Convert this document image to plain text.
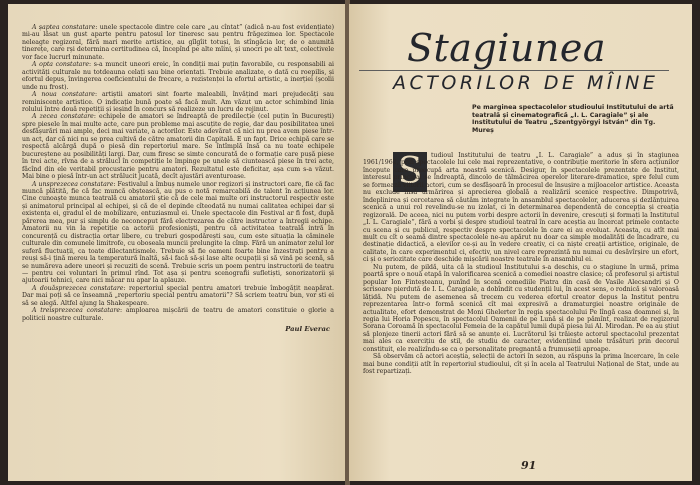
A șaptea constatare: unele spectacole dintre cele care „au cîntat” (adică n-au fost evidențiate) mi-au lăsat un gust aparte pentru patosul lor tineresc sau pentru frăgezimea lor. Spectacole neleagte regizoral, fără mari merite artistice, au gîlgîit totuși, în stîngăcia lor, de o anumită tinerețe, care rși determina certitudinea că, începînd pe alte mîini, și unocri pe alt text, colectivele vor face lucrurl minunate.

A opta constatare: s-a muncit uneori ereic, în condiții mai puțin favorabile, cu responsabili ai activități culturale nu totdeauna celați sau bine orientați. Trebuie analizate, o dată cu roepilis, și efortul depus, învingerea coeficientului de frecare, a rezistenței la efortul artistic, a inerției (școlii unde nu frost).

A noua constatare: artiștii amatori sint foarte maleabili, învățind mari prejudecăți sau reminiscențe artistice. O indicație bună poate să facă mult. Am văzut un actor schimbind linia rolului între două repetiții și ieșind în concurs să realizeze un lucru de rejinut.

A zecea constatare: echipele de amatori se îndreaptă de predilecție (cel puțin în București) spre piesele în mai multe acte, care pun probleme mai ascuțite de regie, dar dau posibilitatea unei desfășurări mai ample, deci mai variate, a actorilor. Este adevărat că nici nu prea avem piese într-un act, dar că nici nu se prea cultivă de către amatorii din Capitală. E un fapt. Drice echipă care se respectă alcărgă după o piesă din repertoriul mare. Se întîmplă însă ca nu toate echipele bucureștene au posibilități largi. Dar, cum firesc se simte concurată de o formație care pușă piese în trei acte, rîvna de a strălucl în competiție le împinge pe unele să ciuntească piese în trei acte, făcînd din ele veritabil procustarie pentru amatori. Rezultatul este deficitar, așa cum s-a văzut. Mai bine o piesă într-un act strălucit jucată, decît ajustări aventuroase.

A unsprezecea constatare: Festivalul a îmbuș numele unor regizori și instructori care, fie că fac muncă plătită, fie că fac muncă obștească, au pus o notă remarcabilă de talent în acțiunea lor. Cine cunoaște munca teatrală cu amatorii știe că de cele mai multe ori instructorul respectiv este și animatorul principal al echipei, și că de el depinde cîteodată nu numai calitatea echipei dar și existența ei, gradul el de mobilizare, entuziasmul ei. Unele spectacole din Festival ar fi fost, după părerea mea, pur și simplu de neconceput fără electrezarea de către instructor a întregii echipe. Amatorii nu vin la repetiție ca actorii profesioniști, pentru că activitatea teatrală intră în concurență cu distracția ortar libere, cu treburi gospodărești sau, cum este situația la căminele culturale din comunele limitrofe, cu oboseala muncii prelungite la cîmp. Fără un animator zelul lor suferă fluctuații, ca toate dilectantismele. Trebuie să fie oameni foarte bine înzestrați pentru a reuși să-i țină mereu la temperatură înaltă, să-i facă să-și lase alte ocupații și să vină pe scenă, să se număreva adere uneori și recuziti de scenă. Trebuie scris un poem pentru instructorii de teatru — pentru cei voluntari în primul rînd. Tot așa și pentru scenografii sufletiști, sonorizatorii și ajutoarii tehnici, care nici măcar nu apar la aplauze.

A douăsprezecea constatare: repertoriul special pentru amatori trebuie îmbogățit neapărat. Dar mai poți să ce înseamnă „repertoriu special pentru amatorii”? Să scriem teatru bun, vor sti ei să se alegă. Altfel ajung la Shakespeare.

A treisprezecea constatare: amploarea mișcării de teatru de amatori constituie o glorie a politicii noastre culturale.

Paul Everac
Stagiunea
ACTORILOR DE MÎINE
Pe marginea spectacolelor studioului Institutului de artă teatrală și cinematografică „I. L. Caragiale” și ale Institutului de Teatru „Szentgyörgyi István” din Tg. Mureș
S	tudioul Institutului de teatru „I. L. Caragiale” a adus și în stagiunea 1961/1962, prin spectacolele lui cele mai reprezentative, o contribuție meritorie în sfera acțiunilor începute care preocupă arta noastră scenică. Desigur, în spectacolele prezentate de Institut, interesul principal se îndreaptă, dincolo de tălmăcirea operelor literare-dramatice, spre felul cum se formează viitorii actori, cum se desfășoară în procesul de însușire a mijloacelor artistice. Aceasta nu exclude însă urmărirea și aprecierea globală a realizării scenice respective. Dimpotrivă, îndeplinirea și cercetarea să căutăm integrate în ansamblul spectacolelor, aducerea și dezlănțuirea scenică a unui rol revelindu-se nu izolat, ci în determinarea dependentă de concepția și creația regizorală. De aceea, nici nu putem vorbi despre actorii în devenire, crescuți și formați la Institutul „I. L. Caragiale”, fără a vorbi și despre studioul teatral în care aceștia au încercat primele contacte cu scena și cu publicul, respectiv despre spectacolele în care ei au evoluat. Aceasta, cu atît mai mult cu cît o seamă dintre spectacolele ne-au apărut nu doar ca simple modalități de încadrare, cu destinație didactică, a elevilor ce-și au în vedere creativ, ci ca niște creații artistice, originale, de calitate, în care experimentul ci, efectiv, un nivel care reprezintă nu numai cu desăvîrșire un efort, ci și o seriozitate care deschide mișcării noastre teatrale în ansamblul ei.

Nu putem, de pildă, uita că la studioul Institutului s-a deschis, cu o stagiune în urmă, prima poartă spre o nouă etapă în valorificarea scenică a comediei noastre clasice; că profesorul și artistul popular Ion Finteșteanu, punînd în scenă comediile Piatra din casă de Vasile Alecsandri și O scrisoare pierdută de I. L. Caragiale, a dobîndit cu studenții lui, în acest sens, o rodnică și valoroasă lățidă. Nu putem de asemenea să trecem cu vederea efortul creator depus la Institut pentru reprezentarea într-o formă scenică cît mai expresivă a dramaturgiei noastre originale de actualitate, efort demonstrat de Moni Ghelerter în regia spectacolului Pe lîngă casa doamnei și, în regia lui Horia Popescu, în spectacolul Oamenii de pe Lună și de pe pămînt, realizat de regizorul Sorana Coroamă în spectacolul Femeia de la capătul lumii după piesa lui Al. Mirodan. Pe ea au știut să plonjeze tinerii actori fără să se anunțe ei. Lucrătorul își trăiește actorul spectacolul prezentat mai ales ca exercițiu de stil, de studiu de caracter, evidențiind unele trăsături prin decorul constituit, ele realizîndu-se ca o personalitate pregnantă a frumuseții aproape.

Să observăm că actori aceștia, selecții de actori în sezon, au răspuns la prima încercare, în cele mai bune condiții atît în repertoriul studioului, cît și în acela al Teatrului Național de Stat, unde au fost repartizați.

91
